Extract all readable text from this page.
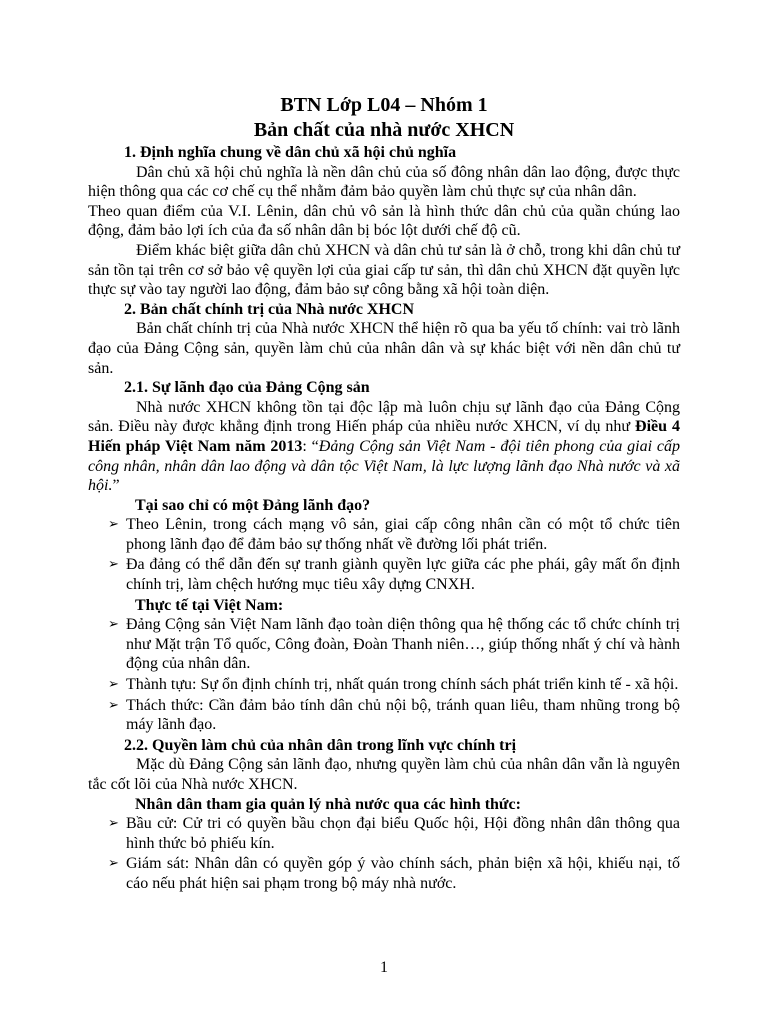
BTN Lớp L04 – Nhóm 1

Bản chất của nhà nước XHCN

1. Định nghĩa chung về dân chủ xã hội chủ nghĩa

Dân chủ xã hội chủ nghĩa là nền dân chủ của số đông nhân dân lao động, được thực hiện thông qua các cơ chế cụ thể nhằm đảm bảo quyền làm chủ thực sự của nhân dân.

Theo quan điểm của V.I. Lênin, dân chủ vô sản là hình thức dân chủ của quần chúng lao động, đảm bảo lợi ích của đa số nhân dân bị bóc lột dưới chế độ cũ.

Điểm khác biệt giữa dân chủ XHCN và dân chủ tư sản là ở chỗ, trong khi dân chủ tư sản tồn tại trên cơ sở bảo vệ quyền lợi của giai cấp tư sản, thì dân chủ XHCN đặt quyền lực thực sự vào tay người lao động, đảm bảo sự công bằng xã hội toàn diện.

2. Bản chất chính trị của Nhà nước XHCN

Bản chất chính trị của Nhà nước XHCN thể hiện rõ qua ba yếu tố chính: vai trò lãnh đạo của Đảng Cộng sản, quyền làm chủ của nhân dân và sự khác biệt với nền dân chủ tư sản.

2.1. Sự lãnh đạo của Đảng Cộng sản

Nhà nước XHCN không tồn tại độc lập mà luôn chịu sự lãnh đạo của Đảng Cộng sản. Điều này được khẳng định trong Hiến pháp của nhiều nước XHCN, ví dụ như Điều 4 Hiến pháp Việt Nam năm 2013: “Đảng Cộng sản Việt Nam - đội tiên phong của giai cấp công nhân, nhân dân lao động và dân tộc Việt Nam, là lực lượng lãnh đạo Nhà nước và xã hội.”

Tại sao chỉ có một Đảng lãnh đạo?

➢ Theo Lênin, trong cách mạng vô sản, giai cấp công nhân cần có một tổ chức tiên phong lãnh đạo để đảm bảo sự thống nhất về đường lối phát triển.
➢ Đa đảng có thể dẫn đến sự tranh giành quyền lực giữa các phe phái, gây mất ổn định chính trị, làm chệch hướng mục tiêu xây dựng CNXH.

Thực tế tại Việt Nam:

➢ Đảng Cộng sản Việt Nam lãnh đạo toàn diện thông qua hệ thống các tổ chức chính trị như Mặt trận Tổ quốc, Công đoàn, Đoàn Thanh niên…, giúp thống nhất ý chí và hành động của nhân dân.
➢ Thành tựu: Sự ổn định chính trị, nhất quán trong chính sách phát triển kinh tế - xã hội.
➢ Thách thức: Cần đảm bảo tính dân chủ nội bộ, tránh quan liêu, tham nhũng trong bộ máy lãnh đạo.

2.2. Quyền làm chủ của nhân dân trong lĩnh vực chính trị

Mặc dù Đảng Cộng sản lãnh đạo, nhưng quyền làm chủ của nhân dân vẫn là nguyên tắc cốt lõi của Nhà nước XHCN.

Nhân dân tham gia quản lý nhà nước qua các hình thức:

➢ Bầu cử: Cử tri có quyền bầu chọn đại biểu Quốc hội, Hội đồng nhân dân thông qua hình thức bỏ phiếu kín.
➢ Giám sát: Nhân dân có quyền góp ý vào chính sách, phản biện xã hội, khiếu nại, tố cáo nếu phát hiện sai phạm trong bộ máy nhà nước.
1
